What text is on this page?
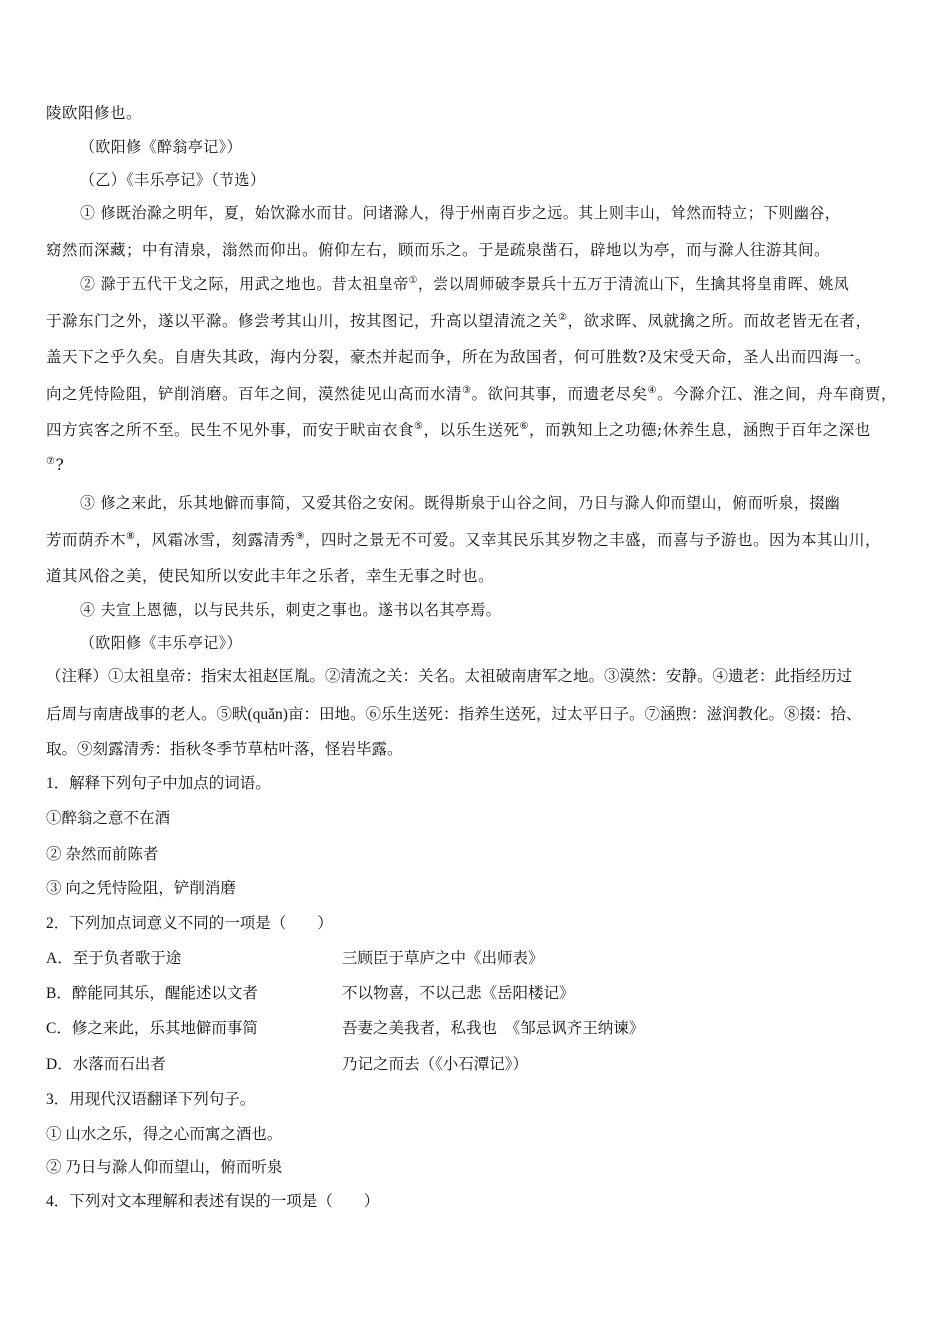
陵欧阳修也。
（欧阳修《醉翁亭记》）
（乙）《丰乐亭记》（节选）
① 修既治滁之明年，夏，始饮滁水而甘。问诸滁人，得于州南百步之远。其上则丰山，耸然而特立；下则幽谷，
窈然而深藏；中有清泉，滃然而仰出。俯仰左右，顾而乐之。于是疏泉凿石，辟地以为亭，而与滁人往游其间。
② 滁于五代干戈之际，用武之地也。昔太祖皇帝①，尝以周师破李景兵十五万于清流山下，生擒其将皇甫晖、姚凤
于滁东门之外，遂以平滁。修尝考其山川，按其图记，升高以望清流之关②，欲求晖、凤就擒之所。而故老皆无在者，
盖天下之乎久矣。自唐失其政，海内分裂，豪杰并起而争，所在为敌国者，何可胜数?及宋受天命，圣人出而四海一。
向之凭恃险阻，铲削消磨。百年之间，漠然徒见山高而水清③。欲问其事，而遗老尽矣④。今滁介江、淮之间，舟车商贾，
四方宾客之所不至。民生不见外事，而安于畎亩衣食⑤，以乐生送死⑥，而孰知上之功德;休养生息，涵煦于百年之深也
⑦?
③ 修之来此，乐其地僻而事简，又爱其俗之安闲。既得斯泉于山谷之间，乃日与滁人仰而望山，俯而听泉，掇幽
芳而荫乔木⑧，风霜冰雪，刻露清秀⑨，四时之景无不可爱。又幸其民乐其岁物之丰盛，而喜与予游也。因为本其山川，
道其风俗之美，使民知所以安此丰年之乐者，幸生无事之时也。
④ 夫宣上恩德，以与民共乐，刺吏之事也。遂书以名其亭焉。
（欧阳修《丰乐亭记》）
（注释）①太祖皇帝：指宋太祖赵匡胤。②清流之关：关名。太祖破南唐军之地。③漠然：安静。④遗老：此指经历过
后周与南唐战事的老人。⑤畎(quǎn)亩：田地。⑥乐生送死：指养生送死，过太平日子。⑦涵煦：滋润教化。⑧掇：拾、
取。⑨刻露清秀：指秋冬季节草枯叶落，怪岩毕露。
1．解释下列句子中加点的词语。
①醉翁之意不在酒
② 杂然而前陈者
③ 向之凭恃险阻，铲削消磨
2．下列加点词意义不同的一项是（　　）
A．至于负者歌于途	三顾臣于草庐之中《出师表》
B．醉能同其乐，醒能述以文者	不以物喜，不以己悲《岳阳楼记》
C．修之来此，乐其地僻而事简	吾妻之美我者，私我也　《邹忌讽齐王纳谏》
D．水落而石出者	乃记之而去（《小石潭记》）
3．用现代汉语翻译下列句子。
① 山水之乐，得之心而寓之酒也。
② 乃日与滁人仰而望山，俯而听泉
4．下列对文本理解和表述有误的一项是（　　）
